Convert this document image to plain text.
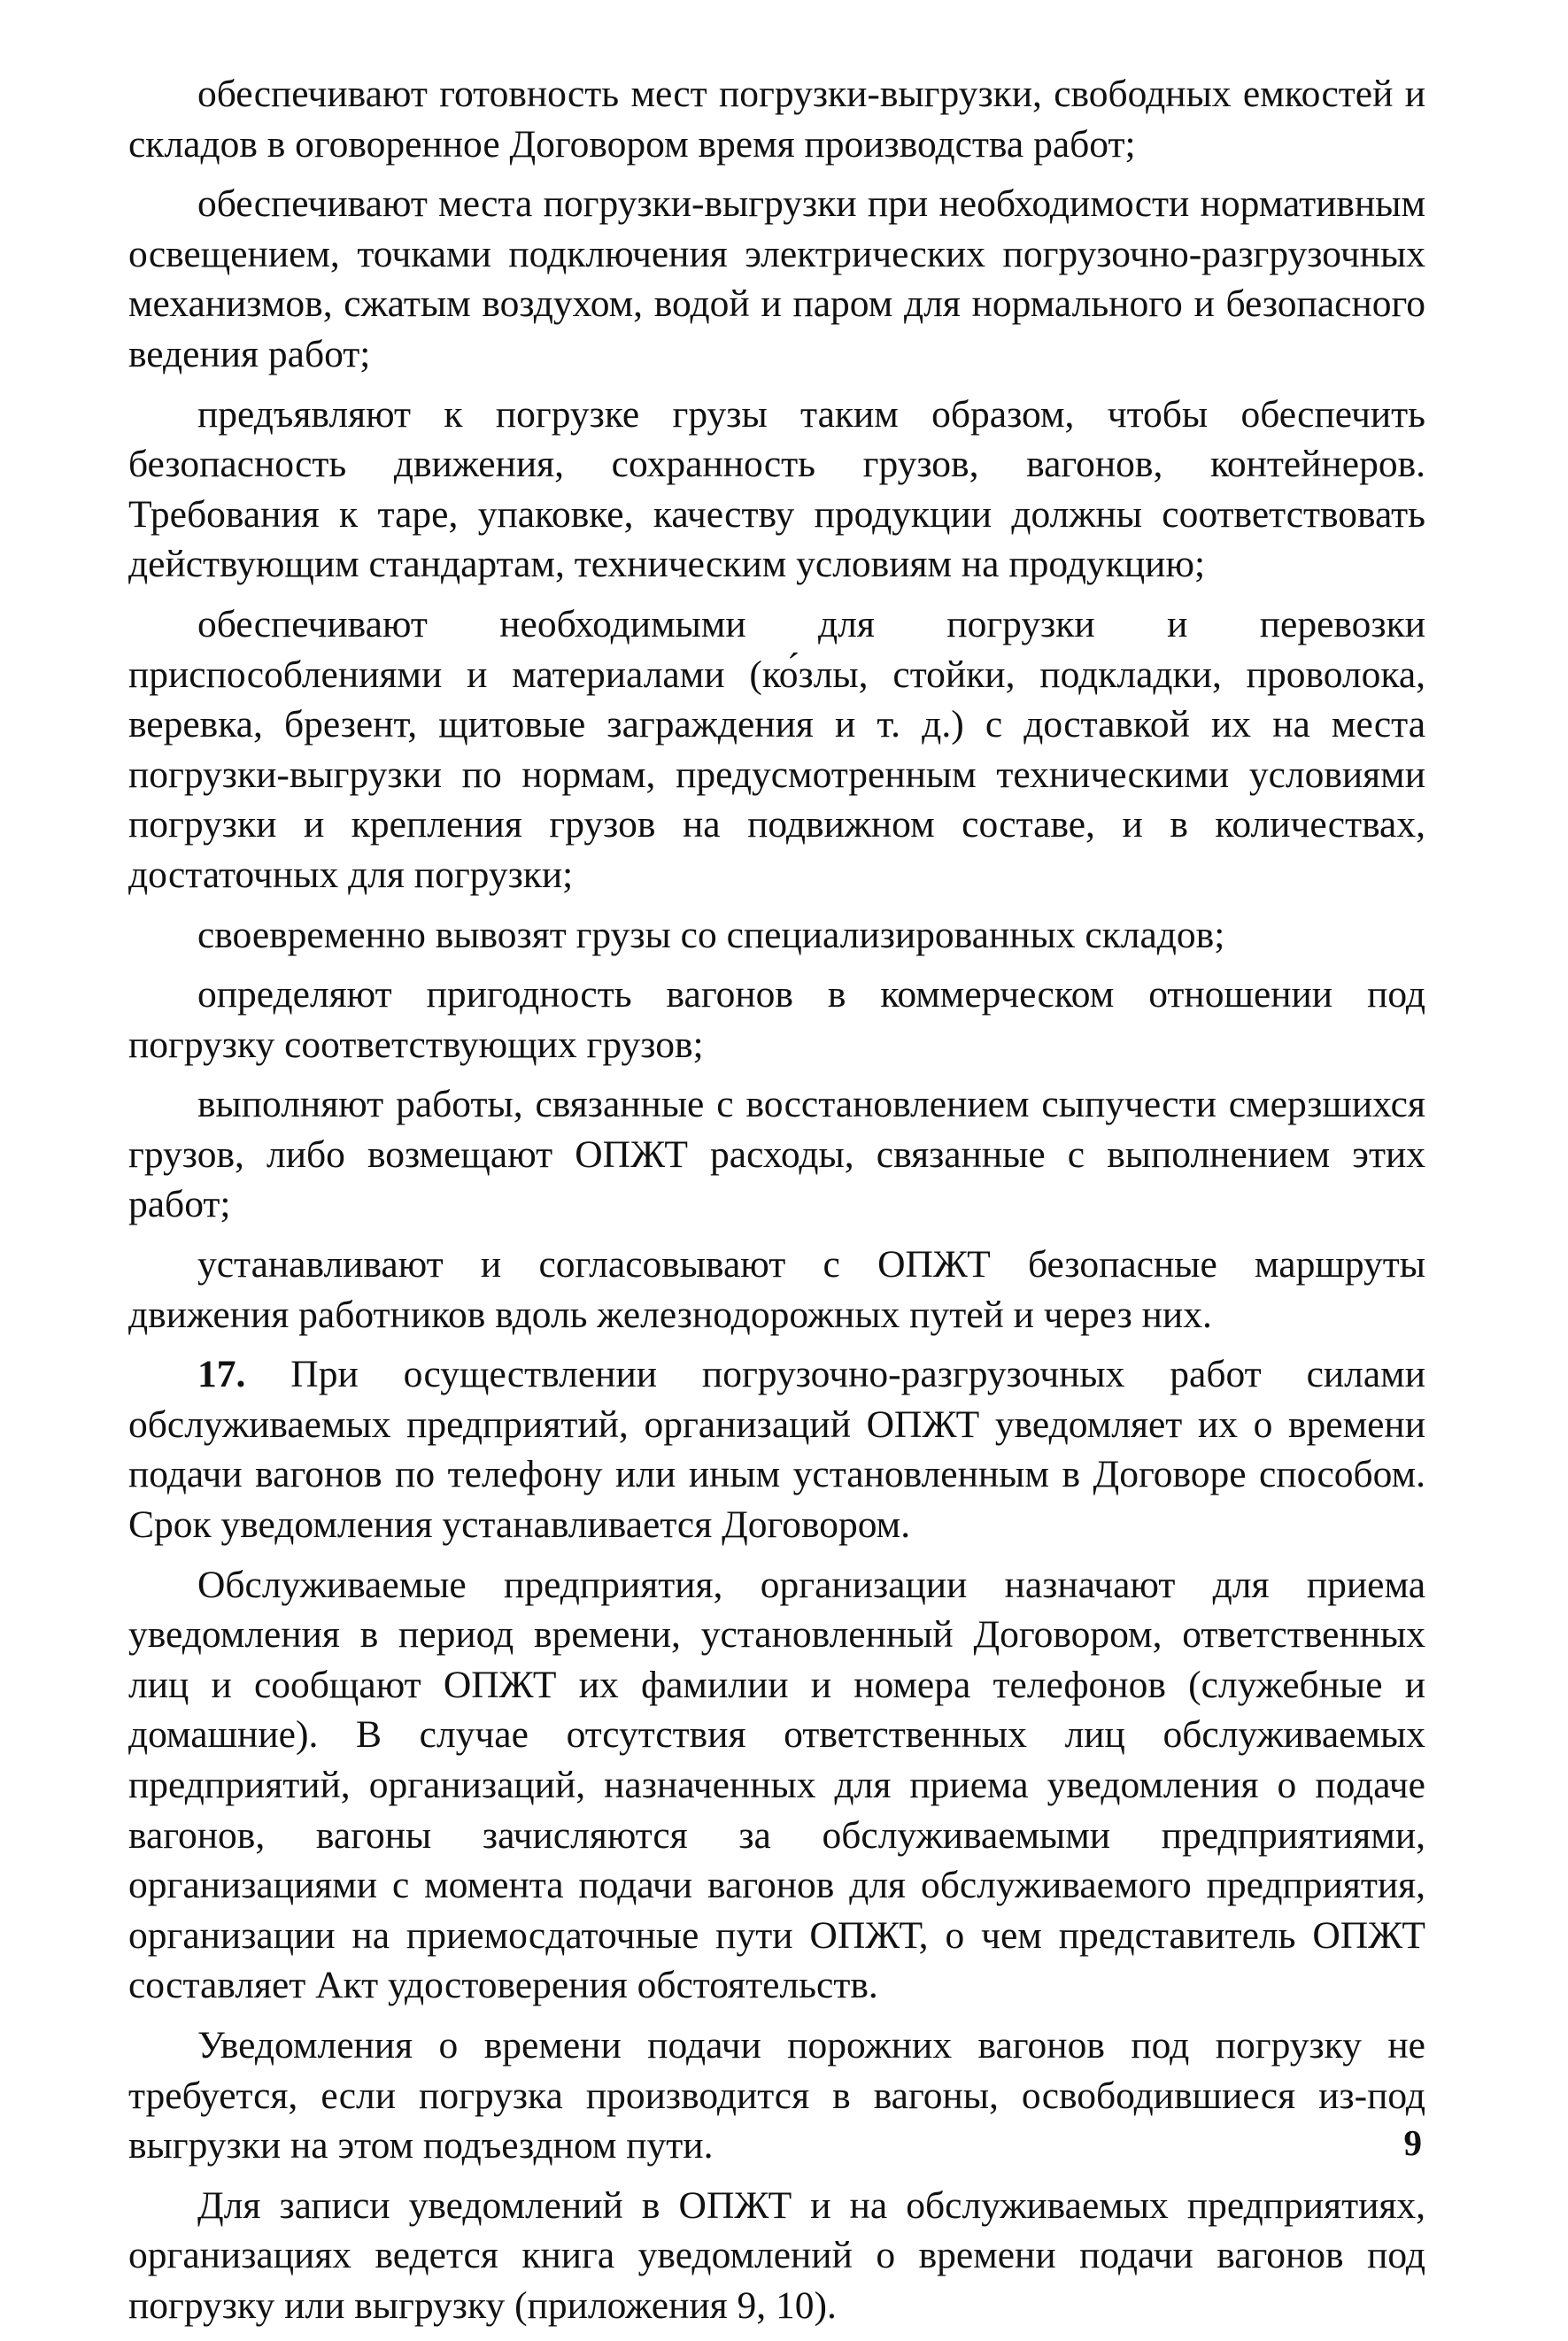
обеспечивают готовность мест погрузки-выгрузки, свободных емкостей и складов в оговоренное Договором время производства работ;

обеспечивают места погрузки-выгрузки при необходимости нормативным освещением, точками подключения электрических погрузочно-разгрузочных механизмов, сжатым воздухом, водой и паром для нормального и безопасного ведения работ;

предъявляют к погрузке грузы таким образом, чтобы обеспечить безопасность движения, сохранность грузов, вагонов, контейнеров. Требования к таре, упаковке, качеству продукции должны соответствовать действующим стандартам, техническим условиям на продукцию;

обеспечивают необходимыми для погрузки и перевозки приспособлениями и материалами (ко́злы, стойки, подкладки, проволока, веревка, брезент, щитовые заграждения и т. д.) с доставкой их на места погрузки-выгрузки по нормам, предусмотренным техническими условиями погрузки и крепления грузов на подвижном составе, и в количествах, достаточных для погрузки;

своевременно вывозят грузы со специализированных складов;

определяют пригодность вагонов в коммерческом отношении под погрузку соответствующих грузов;

выполняют работы, связанные с восстановлением сыпучести смерзшихся грузов, либо возмещают ОПЖТ расходы, связанные с выполнением этих работ;

устанавливают и согласовывают с ОПЖТ безопасные маршруты движения работников вдоль железнодорожных путей и через них.

17. При осуществлении погрузочно-разгрузочных работ силами обслуживаемых предприятий, организаций ОПЖТ уведомляет их о времени подачи вагонов по телефону или иным установленным в Договоре способом. Срок уведомления устанавливается Договором.

Обслуживаемые предприятия, организации назначают для приема уведомления в период времени, установленный Договором, ответственных лиц и сообщают ОПЖТ их фамилии и номера телефонов (служебные и домашние). В случае отсутствия ответственных лиц обслуживаемых предприятий, организаций, назначенных для приема уведомления о подаче вагонов, вагоны зачисляются за обслуживаемыми предприятиями, организациями с момента подачи вагонов для обслуживаемого предприятия, организации на приемосдаточные пути ОПЖТ, о чем представитель ОПЖТ составляет Акт удостоверения обстоятельств.

Уведомления о времени подачи порожних вагонов под погрузку не требуется, если погрузка производится в вагоны, освободившиеся из-под выгрузки на этом подъездном пути.

Для записи уведомлений в ОПЖТ и на обслуживаемых предприятиях, организациях ведется книга уведомлений о времени подачи вагонов под погрузку или выгрузку (приложения 9, 10).

9
